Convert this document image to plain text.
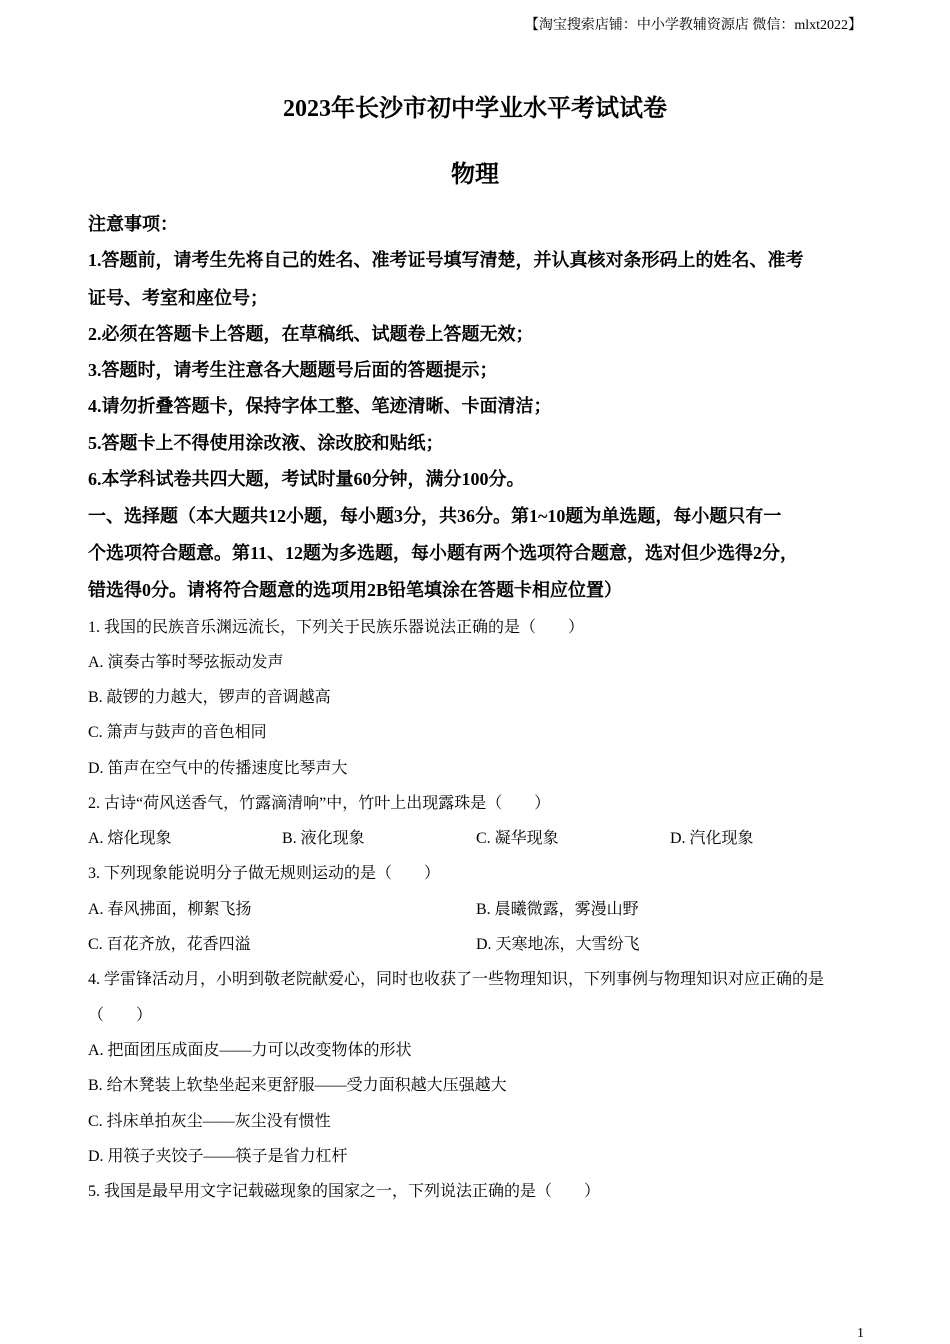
【淘宝搜索店铺：中小学教辅资源店 微信：mlxt2022】
2023年长沙市初中学业水平考试试卷
物理
注意事项：
1.答题前，请考生先将自己的姓名、准考证号填写清楚，并认真核对条形码上的姓名、准考
证号、考室和座位号；
2.必须在答题卡上答题，在草稿纸、试题卷上答题无效；
3.答题时，请考生注意各大题题号后面的答题提示；
4.请勿折叠答题卡，保持字体工整、笔迹清晰、卡面清洁；
5.答题卡上不得使用涂改液、涂改胶和贴纸；
6.本学科试卷共四大题，考试时量60分钟，满分100分。
一、选择题（本大题共12小题，每小题3分，共36分。第1~10题为单选题，每小题只有一
个选项符合题意。第11、12题为多选题，每小题有两个选项符合题意，选对但少选得2分，
错选得0分。请将符合题意的选项用2B铅笔填涂在答题卡相应位置）
1. 我国的民族音乐渊远流长，下列关于民族乐器说法正确的是（　　）
A. 演奏古筝时琴弦振动发声
B. 敲锣的力越大，锣声的音调越高
C. 箫声与鼓声的音色相同
D. 笛声在空气中的传播速度比琴声大
2. 古诗“荷风送香气，竹露滴清响”中，竹叶上出现露珠是（　　）
A. 熔化现象	B. 液化现象	C. 凝华现象	D. 汽化现象
3. 下列现象能说明分子做无规则运动的是（　　）
A. 春风拂面，柳絮飞扬	B. 晨曦微露，雾漫山野
C. 百花齐放，花香四溢	D. 天寒地冻，大雪纷飞
4. 学雷锋活动月，小明到敬老院献爱心，同时也收获了一些物理知识，下列事例与物理知识对应正确的是
（　　）
A. 把面团压成面皮——力可以改变物体的形状
B. 给木凳装上软垫坐起来更舒服——受力面积越大压强越大
C. 抖床单拍灰尘——灰尘没有惯性
D. 用筷子夹饺子——筷子是省力杠杆
5. 我国是最早用文字记载磁现象的国家之一，下列说法正确的是（　　）
1
